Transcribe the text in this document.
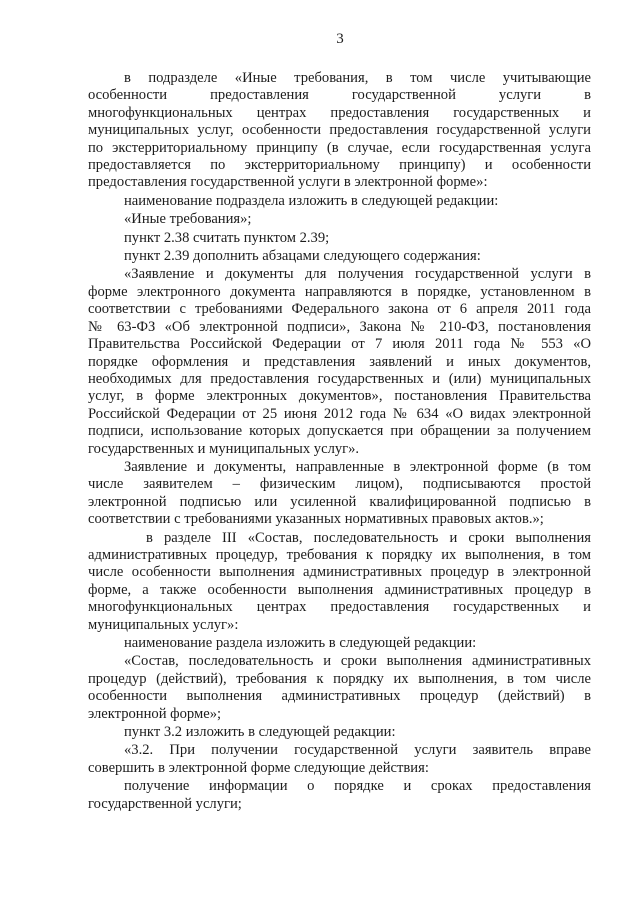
3
в подразделе «Иные требования, в том числе учитывающие
особенности предоставления государственной услуги в
многофункциональных центрах предоставления государственных и
муниципальных услуг, особенности предоставления государственной услуги
по экстерриториальному принципу (в случае, если государственная услуга
предоставляется по экстерриториальному принципу) и особенности
предоставления государственной услуги в электронной форме»:
наименование подраздела изложить в следующей редакции:
«Иные требования»;
пункт 2.38 считать пунктом 2.39;
пункт 2.39 дополнить абзацами следующего содержания:
«Заявление и документы для получения государственной услуги в
форме электронного документа направляются в порядке, установленном в
соответствии с требованиями Федерального закона от 6 апреля 2011 года
№ 63-ФЗ «Об электронной подписи», Закона № 210-ФЗ, постановления
Правительства Российской Федерации от 7 июля 2011 года № 553 «О
порядке оформления и представления заявлений и иных документов,
необходимых для предоставления государственных и (или) муниципальных
услуг, в форме электронных документов», постановления Правительства
Российской Федерации от 25 июня 2012 года № 634 «О видах электронной
подписи, использование которых допускается при обращении за получением
государственных и муниципальных услуг».
Заявление и документы, направленные в электронной форме (в том
числе заявителем – физическим лицом), подписываются простой
электронной подписью или усиленной квалифицированной подписью в
соответствии с требованиями указанных нормативных правовых актов.»;
в разделе III «Состав, последовательность и сроки выполнения
административных процедур, требования к порядку их выполнения, в том
числе особенности выполнения административных процедур в электронной
форме, а также особенности выполнения административных процедур в
многофункциональных центрах предоставления государственных и
муниципальных услуг»:
наименование раздела изложить в следующей редакции:
«Состав, последовательность и сроки выполнения административных
процедур (действий), требования к порядку их выполнения, в том числе
особенности выполнения административных процедур (действий) в
электронной форме»;
пункт 3.2 изложить в следующей редакции:
«3.2. При получении государственной услуги заявитель вправе
совершить в электронной форме следующие действия:
получение информации о порядке и сроках предоставления
государственной услуги;
